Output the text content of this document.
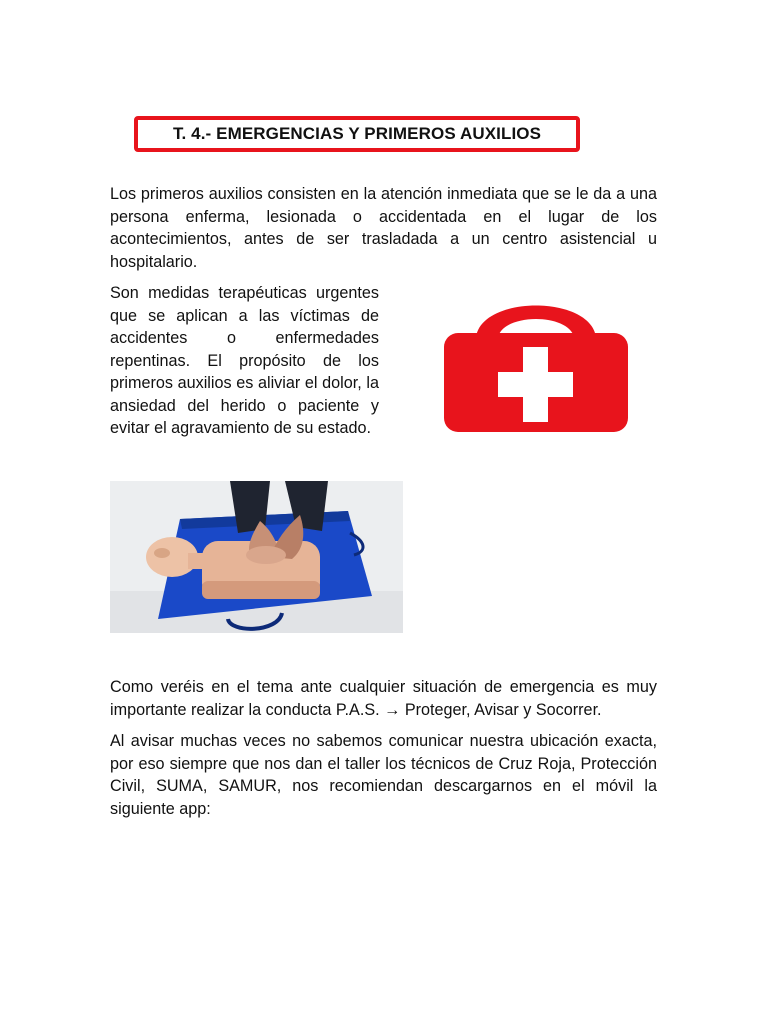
T. 4.- EMERGENCIAS Y PRIMEROS AUXILIOS

Los primeros auxilios consisten en la atención inmediata que se le da a una persona enferma, lesionada o accidentada en el lugar de los acontecimientos, antes de ser trasladada a un centro asistencial u hospitalario.

Son medidas terapéuticas urgentes que se aplican a las víctimas de accidentes o enfermedades repentinas. El propósito de los primeros auxilios es aliviar el dolor, la ansiedad del herido o paciente y evitar el agravamiento de su estado.

Como veréis en el tema ante cualquier situación de emergencia es muy importante realizar la conducta P.A.S. → Proteger, Avisar y Socorrer.

Al avisar muchas veces no sabemos comunicar nuestra ubicación exacta, por eso siempre que nos dan el taller los técnicos de Cruz Roja, Protección Civil, SUMA, SAMUR, nos recomiendan descargarnos en el móvil la siguiente app:
